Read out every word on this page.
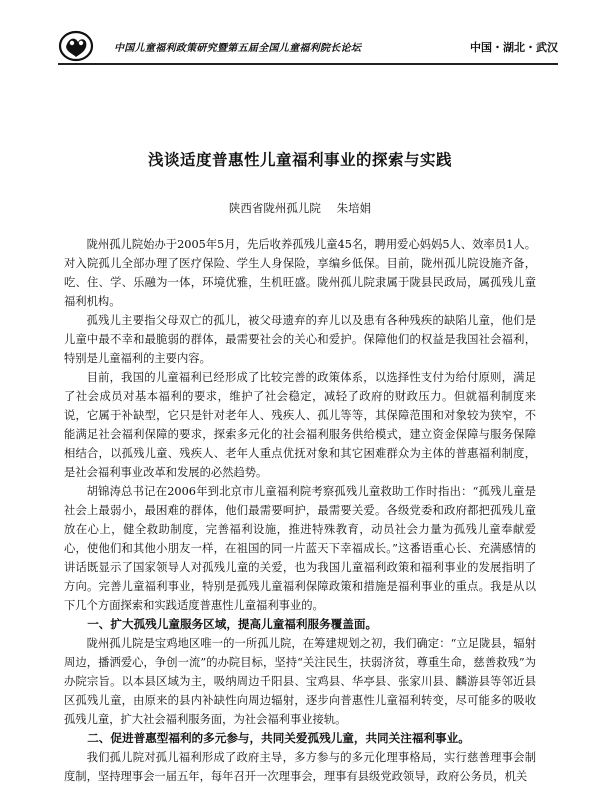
中国儿童福利政策研究暨第五届全国儿童福利院长论坛	中国・湖北・武汉
浅谈适度普惠性儿童福利事业的探索与实践
陕西省陇州孤儿院 朱培娟

陇州孤儿院始办于2005年5月，先后收养孤残儿童45名，聘用爱心妈妈5人、效率员1人。对入院孤儿全部办理了医疗保险、学生人身保险，享编乡低保。目前，陇州孤儿院设施齐备，吃、住、学、乐融为一体，环境优雅，生机旺盛。陇州孤儿院隶属于陇县民政局，属孤残儿童福利机构。

孤残儿主要指父母双亡的孤儿，被父母遗弃的弃儿以及患有各种残疾的缺陷儿童，他们是儿童中最不幸和最脆弱的群体，最需要社会的关心和爱护。保障他们的权益是我国社会福利，特别是儿童福利的主要内容。

目前，我国的儿童福利已经形成了比较完善的政策体系，以选择性支付为给付原则，满足了社会成员对基本福利的要求，维护了社会稳定，减轻了政府的财政压力。但就福利制度来说，它属于补缺型，它只是针对老年人、残疾人、孤儿等等，其保障范围和对象较为狭窄，不能满足社会福利保障的要求，探索多元化的社会福利服务供给模式，建立资金保障与服务保障相结合，以孤残儿童、残疾人、老年人重点优抚对象和其它困难群众为主体的普惠福利制度，是社会福利事业改革和发展的必然趋势。

胡锦涛总书记在2006年到北京市儿童福利院考察孤残儿童救助工作时指出：“孤残儿童是社会上最弱小，最困难的群体，他们最需要呵护，最需要关爱。各级党委和政府都把孤残儿童放在心上，健全救助制度，完善福利设施，推进特殊教育，动员社会力量为孤残儿童奉献爱心，使他们和其他小朋友一样，在祖国的同一片蓝天下幸福成长。”这番语重心长、充满感情的讲话既显示了国家领导人对孤残儿童的关爱，也为我国儿童福利政策和福利事业的发展指明了方向。完善儿童福利事业，特别是孤残儿童福利保障政策和措施是福利事业的重点。我是从以下几个方面探索和实践适度普惠性儿童福利事业的。

一、扩大孤残儿童服务区域，提高儿童福利服务覆盖面。

陇州孤儿院是宝鸡地区唯一的一所孤儿院，在筹建规划之初，我们确定：“立足陇县，辐射周边，播洒爱心，争创一流”的办院目标，坚持“关注民生，扶弱济贫，尊重生命，慈善救残”为办院宗旨。以本县区域为主，吸纳周边千阳县、宝鸡县、华亭县、张家川县、麟游县等邻近县区孤残儿童，由原来的县内补缺性向周边辐射，逐步向普惠性儿童福利转变，尽可能多的吸收孤残儿童，扩大社会福利服务面，为社会福利事业接轨。

二、促进普惠型福利的多元参与，共同关爱孤残儿童，共同关注福利事业。

我们孤儿院对孤儿福利形成了政府主导，多方参与的多元化理事格局，实行慈善理事会制度制，坚持理事会一届五年，每年召开一次理事会，理事有县级党政领导，政府公务员，机关
